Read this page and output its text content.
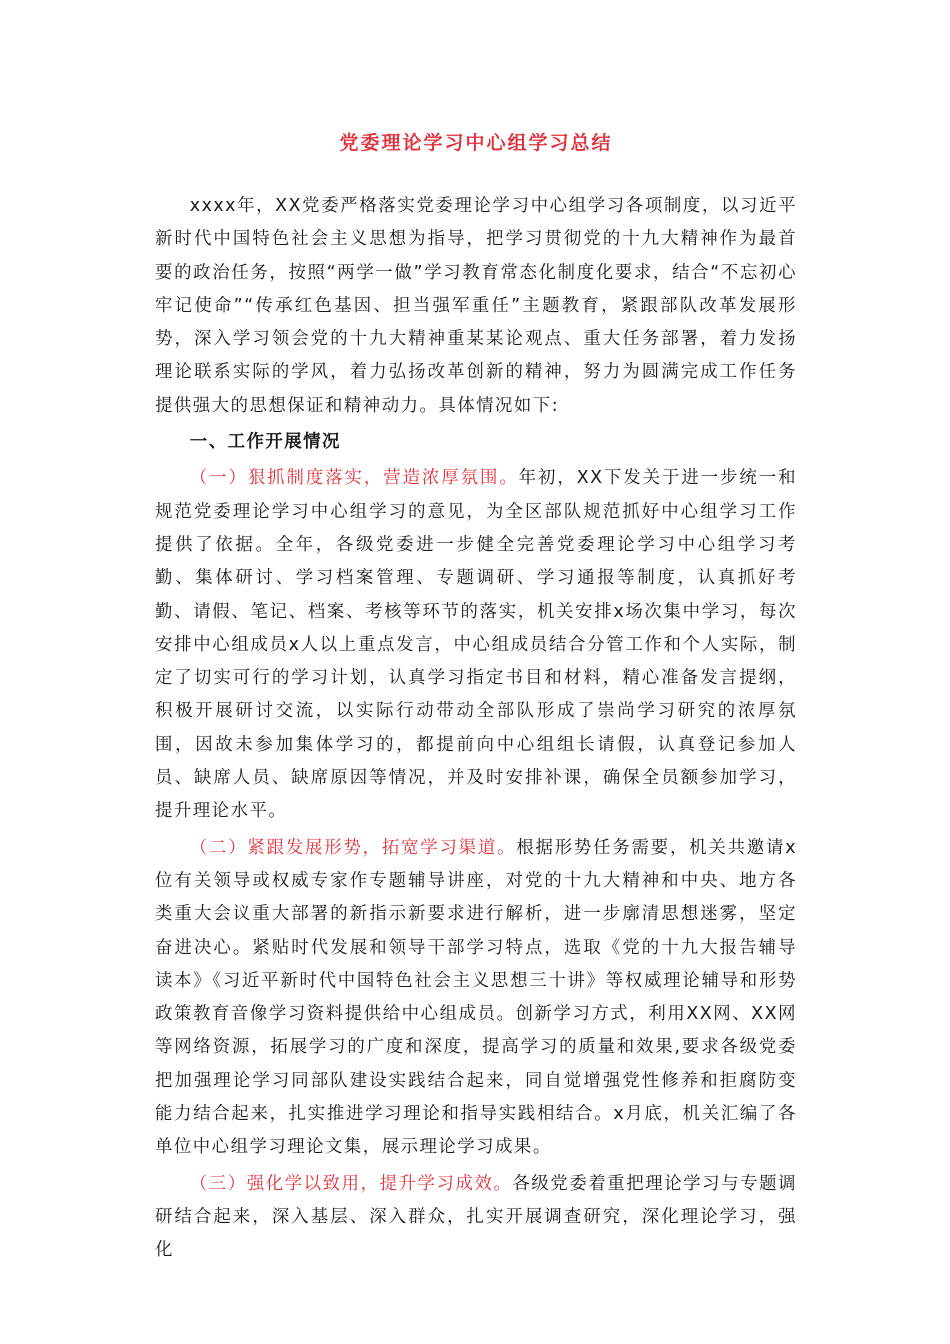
党委理论学习中心组学习总结

xxxx年，XX党委严格落实党委理论学习中心组学习各项制度，以习近平新时代中国特色社会主义思想为指导，把学习贯彻党的十九大精神作为最首要的政治任务，按照“两学一做”学习教育常态化制度化要求，结合“不忘初心牢记使命”“传承红色基因、担当强军重任”主题教育，紧跟部队改革发展形势，深入学习领会党的十九大精神重某某论观点、重大任务部署，着力发扬理论联系实际的学风，着力弘扬改革创新的精神，努力为圆满完成工作任务提供强大的思想保证和精神动力。具体情况如下:

一、工作开展情况

（一）狠抓制度落实，营造浓厚氛围。年初，XX下发关于进一步统一和规范党委理论学习中心组学习的意见，为全区部队规范抓好中心组学习工作提供了依据。全年，各级党委进一步健全完善党委理论学习中心组学习考勤、集体研讨、学习档案管理、专题调研、学习通报等制度，认真抓好考勤、请假、笔记、档案、考核等环节的落实，机关安排x场次集中学习，每次安排中心组成员x人以上重点发言，中心组成员结合分管工作和个人实际，制定了切实可行的学习计划，认真学习指定书目和材料，精心准备发言提纲，积极开展研讨交流，以实际行动带动全部队形成了崇尚学习研究的浓厚氛围，因故未参加集体学习的，都提前向中心组组长请假，认真登记参加人员、缺席人员、缺席原因等情况，并及时安排补课，确保全员额参加学习，提升理论水平。

（二）紧跟发展形势，拓宽学习渠道。根据形势任务需要，机关共邀请x位有关领导或权威专家作专题辅导讲座，对党的十九大精神和中央、地方各类重大会议重大部署的新指示新要求进行解析，进一步廓清思想迷雾，坚定奋进决心。紧贴时代发展和领导干部学习特点，选取《党的十九大报告辅导读本》《习近平新时代中国特色社会主义思想三十讲》等权威理论辅导和形势政策教育音像学习资料提供给中心组成员。创新学习方式，利用XX网、XX网等网络资源，拓展学习的广度和深度，提高学习的质量和效果,要求各级党委把加强理论学习同部队建设实践结合起来，同自觉增强党性修养和拒腐防变能力结合起来，扎实推进学习理论和指导实践相结合。x月底，机关汇编了各单位中心组学习理论文集，展示理论学习成果。

（三）强化学以致用，提升学习成效。各级党委着重把理论学习与专题调研结合起来，深入基层、深入群众，扎实开展调查研究，深化理论学习，强化
